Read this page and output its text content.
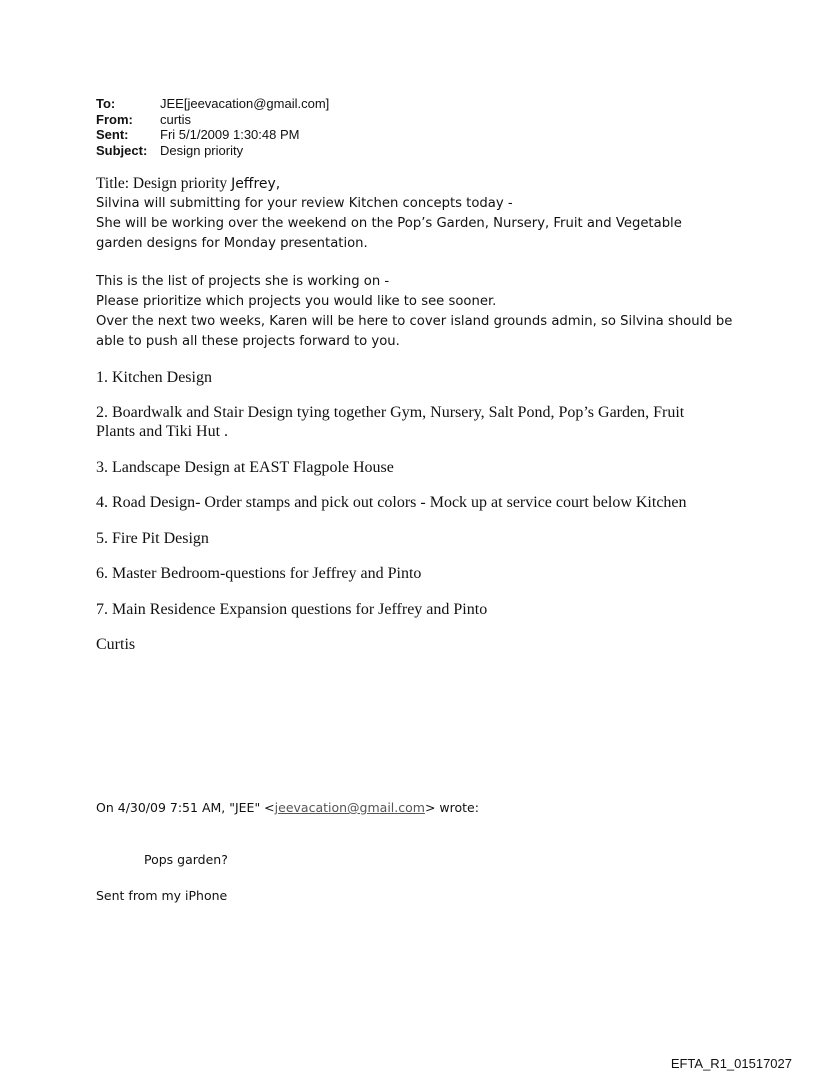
To:	JEE[jeevacation@gmail.com]
From:	curtis
Sent:	Fri 5/1/2009 1:30:48 PM
Subject: Design priority
Title: Design priority Jeffrey,
Silvina will submitting for your review Kitchen concepts today -
She will be working over the weekend on the Pop’s Garden, Nursery, Fruit and Vegetable
garden designs for Monday presentation.
This is the list of projects she is working on -
Please prioritize which projects you would like to see sooner.
Over the next two weeks, Karen will be here to cover island grounds admin, so Silvina should be
able to push all these projects forward to you.
1. Kitchen Design
2. Boardwalk and Stair Design tying together Gym, Nursery, Salt Pond, Pop’s Garden, Fruit Plants and Tiki Hut .
3. Landscape Design at EAST Flagpole House
4. Road Design- Order stamps and pick out colors - Mock up at service court below Kitchen
5. Fire Pit Design
6. Master Bedroom-questions for Jeffrey and Pinto
7. Main Residence Expansion questions for Jeffrey and Pinto
Curtis
On 4/30/09 7:51 AM, "JEE" <jeevacation@gmail.com> wrote:
Pops garden?
Sent from my iPhone
EFTA_R1_01517027
